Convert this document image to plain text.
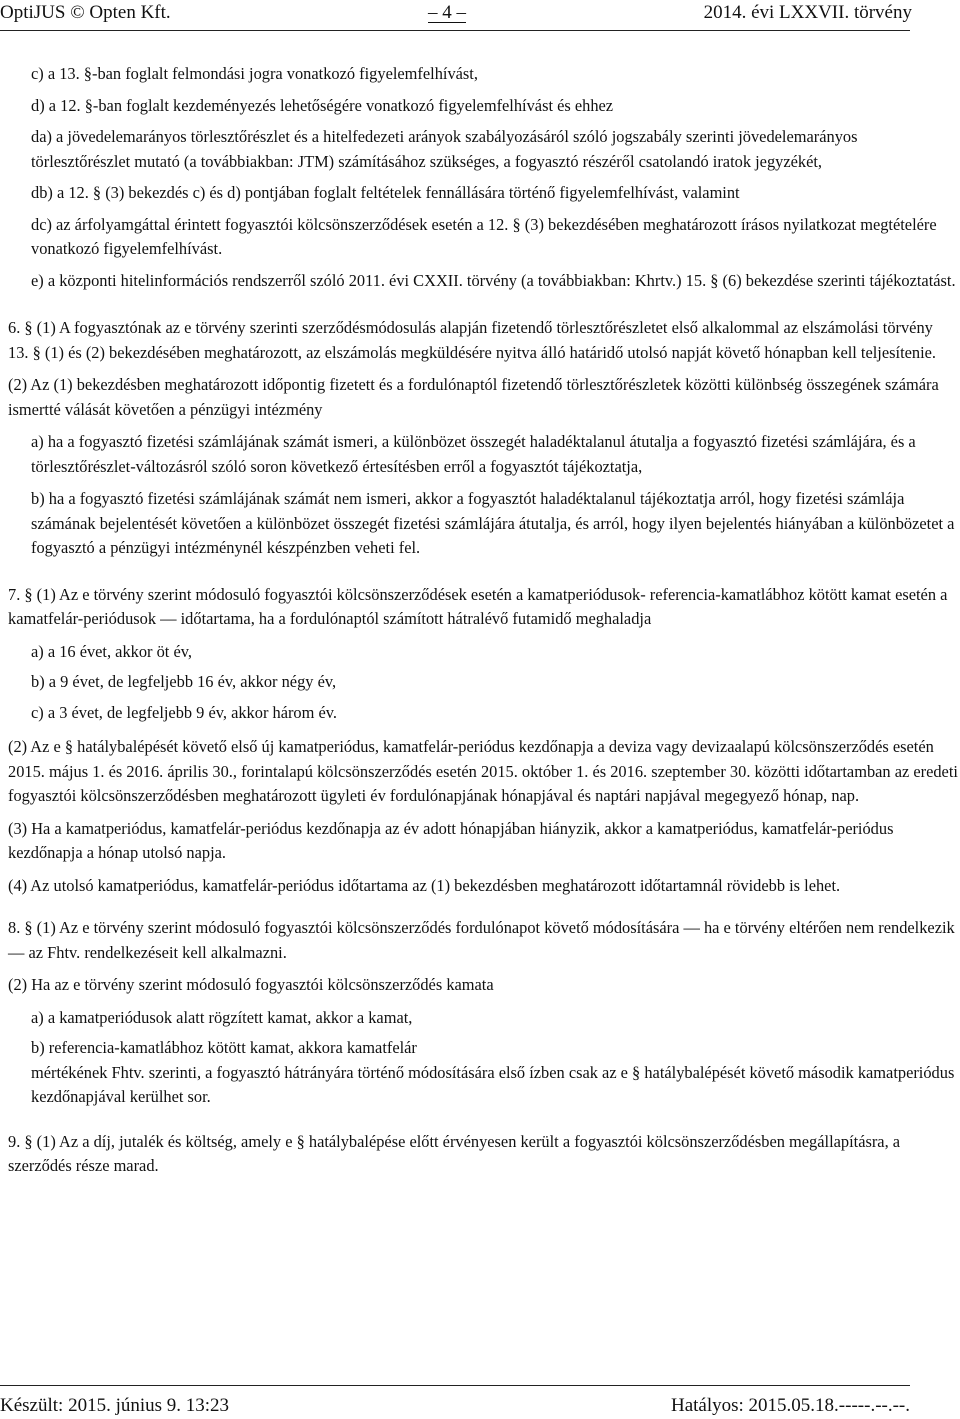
OptiJUS © Opten Kft.	– 4 –	2014. évi LXXVII. törvény

c) a 13. §-ban foglalt felmondási jogra vonatkozó figyelemfelhívást,

d) a 12. §-ban foglalt kezdeményezés lehetőségére vonatkozó figyelemfelhívást és ehhez

da) a jövedelemarányos törlesztőrészlet és a hitelfedezeti arányok szabályozásáról szóló jogszabály szerinti jövedelemarányos törlesztőrészlet mutató (a továbbiakban: JTM) számításához szükséges, a fogyasztó részéről csatolandó iratok jegyzékét,

db) a 12. § (3) bekezdés c) és d) pontjában foglalt feltételek fennállására történő figyelemfelhívást, valamint

dc) az árfolyamgáttal érintett fogyasztói kölcsönszerződések esetén a 12. § (3) bekezdésében meghatározott írásos nyilatkozat megtételére vonatkozó figyelemfelhívást.

e) a központi hitelinformációs rendszerről szóló 2011. évi CXXII. törvény (a továbbiakban: Khrtv.) 15. § (6) bekezdése szerinti tájékoztatást.

6. § (1) A fogyasztónak az e törvény szerinti szerződésmódosulás alapján fizetendő törlesztőrészletet első alkalommal az elszámolási törvény 13. § (1) és (2) bekezdésében meghatározott, az elszámolás megküldésére nyitva álló határidő utolsó napját követő hónapban kell teljesítenie.

(2) Az (1) bekezdésben meghatározott időpontig fizetett és a fordulónaptól fizetendő törlesztőrészletek közötti különbség összegének számára ismertté válását követően a pénzügyi intézmény

a) ha a fogyasztó fizetési számlájának számát ismeri, a különbözet összegét haladéktalanul átutalja a fogyasztó fizetési számlájára, és a törlesztőrészlet-változásról szóló soron következő értesítésben erről a fogyasztót tájékoztatja,

b) ha a fogyasztó fizetési számlájának számát nem ismeri, akkor a fogyasztót haladéktalanul tájékoztatja arról, hogy fizetési számlája számának bejelentését követően a különbözet összegét fizetési számlájára átutalja, és arról, hogy ilyen bejelentés hiányában a különbözetet a fogyasztó a pénzügyi intézménynél készpénzben veheti fel.

7. § (1) Az e törvény szerint módosuló fogyasztói kölcsönszerződések esetén a kamatperiódusok- referencia-kamatlábhoz kötött kamat esetén a kamatfelár-periódusok — időtartama, ha a fordulónaptól számított hátralévő futamidő meghaladja

a) a 16 évet, akkor öt év,

b) a 9 évet, de legfeljebb 16 év, akkor négy év,

c) a 3 évet, de legfeljebb 9 év, akkor három év.

(2) Az e § hatálybalépését követő első új kamatperiódus, kamatfelár-periódus kezdőnapja a deviza vagy devizaalapú kölcsönszerződés esetén 2015. május 1. és 2016. április 30., forintalapú kölcsönszerződés esetén 2015. október 1. és 2016. szeptember 30. közötti időtartamban az eredeti fogyasztói kölcsönszerződésben meghatározott ügyleti év fordulónapjának hónapjával és naptári napjával megegyező hónap, nap.

(3) Ha a kamatperiódus, kamatfelár-periódus kezdőnapja az év adott hónapjában hiányzik, akkor a kamatperiódus, kamatfelár-periódus kezdőnapja a hónap utolsó napja.

(4) Az utolsó kamatperiódus, kamatfelár-periódus időtartama az (1) bekezdésben meghatározott időtartamnál rövidebb is lehet.

8. § (1) Az e törvény szerint módosuló fogyasztói kölcsönszerződés fordulónapot követő módosítására — ha e törvény eltérően nem rendelkezik — az Fhtv. rendelkezéseit kell alkalmazni.

(2) Ha az e törvény szerint módosuló fogyasztói kölcsönszerződés kamata

a) a kamatperiódusok alatt rögzített kamat, akkor a kamat,

b) referencia-kamatlábhoz kötött kamat, akkora kamatfelár

mértékének Fhtv. szerinti, a fogyasztó hátrányára történő módosítására első ízben csak az e § hatálybalépését követő második kamatperiódus kezdőnapjával kerülhet sor.

9. § (1) Az a díj, jutalék és költség, amely e § hatálybalépése előtt érvényesen került a fogyasztói kölcsönszerződésben megállapításra, a szerződés része marad.

Készült: 2015. június 9. 13:23	Hatályos: 2015.05.18.-----.--.--.
